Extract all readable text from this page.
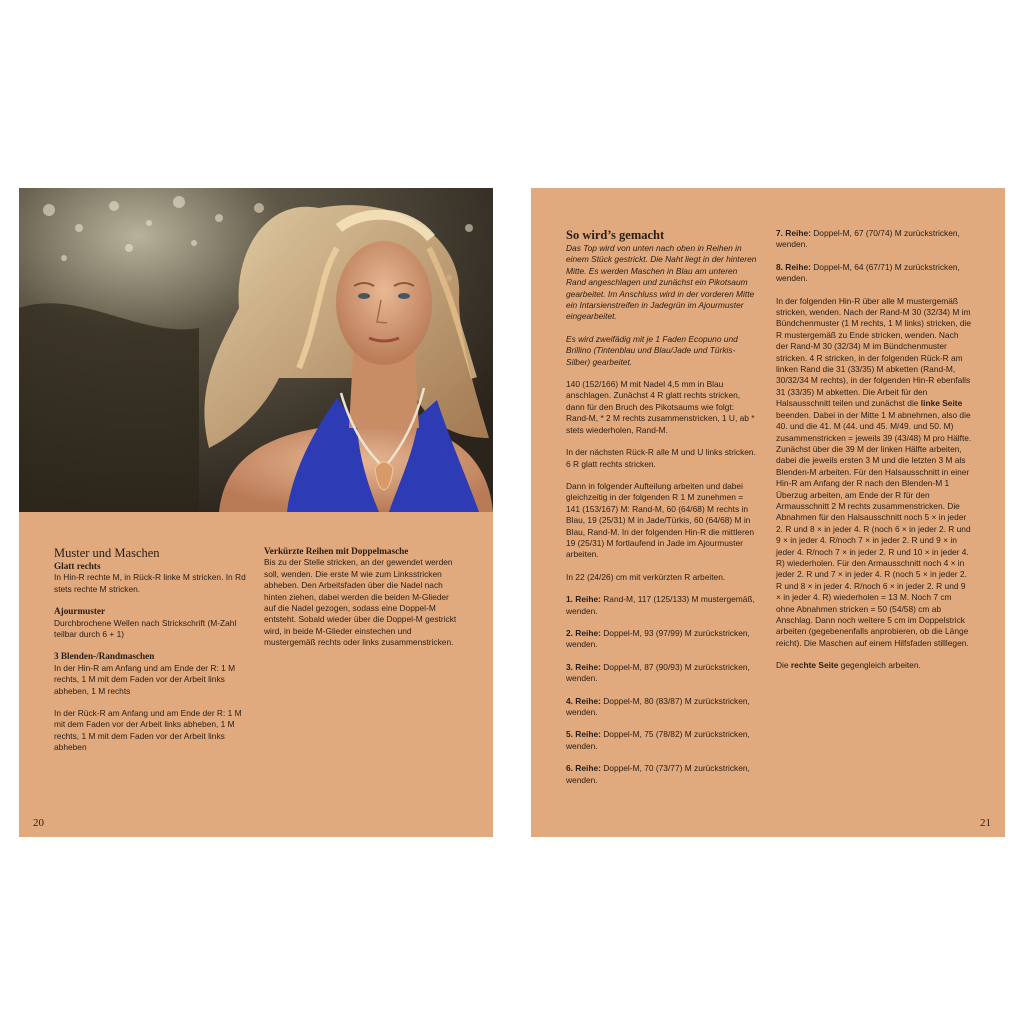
Muster und Maschen

Glatt rechts

In Hin-R rechte M, in Rück-R linke M stricken. In Rd stets rechte M stricken.

Ajourmuster

Durchbrochene Wellen nach Strickschrift (M-Zahl teilbar durch 6 + 1)

3 Blenden-/Randmaschen

In der Hin-R am Anfang und am Ende der R: 1 M rechts, 1 M mit dem Faden vor der Arbeit links abheben, 1 M rechts

In der Rück-R am Anfang und am Ende der R: 1 M mit dem Faden vor der Arbeit links abheben, 1 M rechts, 1 M mit dem Faden vor der Arbeit links abheben

Verkürzte Reihen mit Doppelmasche

Bis zu der Stelle stricken, an der gewendet werden soll, wenden. Die erste M wie zum Linksstricken abheben. Den Arbeitsfaden über die Nadel nach hinten ziehen, dabei werden die beiden M-Glieder auf die Nadel gezogen, sodass eine Doppel-M entsteht. Sobald wieder über die Doppel-M gestrickt wird, in beide M-Glieder einstechen und mustergemäß rechts oder links zusammenstricken.

20

So wird’s gemacht

Das Top wird von unten nach oben in Reihen in einem Stück gestrickt. Die Naht liegt in der hinteren Mitte. Es werden Maschen in Blau am unteren Rand angeschlagen und zunächst ein Pikotsaum gearbeitet. Im Anschluss wird in der vorderen Mitte ein Intarsienstreifen in Jadegrün im Ajourmuster eingearbeitet.

Es wird zweifädig mit je 1 Faden Ecopuno und Brillino (Tintenblau und Blau/Jade und Türkis-Silber) gearbeitet.

140 (152/166) M mit Nadel 4,5 mm in Blau anschlagen. Zunächst 4 R glatt rechts stricken, dann für den Bruch des Pikotsaums wie folgt: Rand-M, * 2 M rechts zusammenstricken, 1 U, ab * stets wiederholen, Rand-M.

In der nächsten Rück-R alle M und U links stricken. 6 R glatt rechts stricken.

Dann in folgender Aufteilung arbeiten und dabei gleichzeitig in der folgenden R 1 M zunehmen = 141 (153/167) M: Rand-M, 60 (64/68) M rechts in Blau, 19 (25/31) M in Jade/Türkis, 60 (64/68) M in Blau, Rand-M. In der folgenden Hin-R die mittleren 19 (25/31) M fortlaufend in Jade im Ajourmuster arbeiten.

In 22 (24/26) cm mit verkürzten R arbeiten.

1. Reihe: Rand-M, 117 (125/133) M mustergemäß, wenden.

2. Reihe: Doppel-M, 93 (97/99) M zurückstricken, wenden.

3. Reihe: Doppel-M, 87 (90/93) M zurückstricken, wenden.

4. Reihe: Doppel-M, 80 (83/87) M zurückstricken, wenden.

5. Reihe: Doppel-M, 75 (78/82) M zurückstricken, wenden.

6. Reihe: Doppel-M, 70 (73/77) M zurückstricken, wenden.

7. Reihe: Doppel-M, 67 (70/74) M zurückstricken, wenden.

8. Reihe: Doppel-M, 64 (67/71) M zurückstricken, wenden.

In der folgenden Hin-R über alle M mustergemäß stricken, wenden. Nach der Rand-M 30 (32/34) M im Bündchenmuster (1 M rechts, 1 M links) stricken, die R mustergemäß zu Ende stricken, wenden. Nach der Rand-M 30 (32/34) M im Bündchenmuster stricken. 4 R stricken, in der folgenden Rück-R am linken Rand die 31 (33/35) M abketten (Rand-M, 30/32/34 M rechts), in der folgenden Hin-R ebenfalls 31 (33/35) M abketten. Die Arbeit für den Halsausschnitt teilen und zunächst die linke Seite beenden. Dabei in der Mitte 1 M abnehmen, also die 40. und die 41. M (44. und 45. M/49. und 50. M) zusammenstricken = jeweils 39 (43/48) M pro Hälfte. Zunächst über die 39 M der linken Hälfte arbeiten, dabei die jeweils ersten 3 M und die letzten 3 M als Blenden-M arbeiten. Für den Halsausschnitt in einer Hin-R am Anfang der R nach den Blenden-M 1 Überzug arbeiten, am Ende der R für den Armausschnitt 2 M rechts zusammenstricken. Die Abnahmen für den Halsausschnitt noch 5 × in jeder 2. R und 8 × in jeder 4. R (noch 6 × in jeder 2. R und 9 × in jeder 4. R/noch 7 × in jeder 2. R und 9 × in jeder 4. R/noch 7 × in jeder 2. R und 10 × in jeder 4. R) wiederholen. Für den Armausschnitt noch 4 × in jeder 2. R und 7 × in jeder 4. R (noch 5 × in jeder 2. R und 8 × in jeder 4. R/noch 6 × in jeder 2. R und 9 × in jeder 4. R) wiederholen = 13 M. Noch 7 cm ohne Abnahmen stricken = 50 (54/58) cm ab Anschlag. Dann noch weitere 5 cm im Doppelstrick arbeiten (gegebenenfalls anprobieren, ob die Länge reicht). Die Maschen auf einem Hilfsfaden stilllegen.

Die rechte Seite gegengleich arbeiten.

21
